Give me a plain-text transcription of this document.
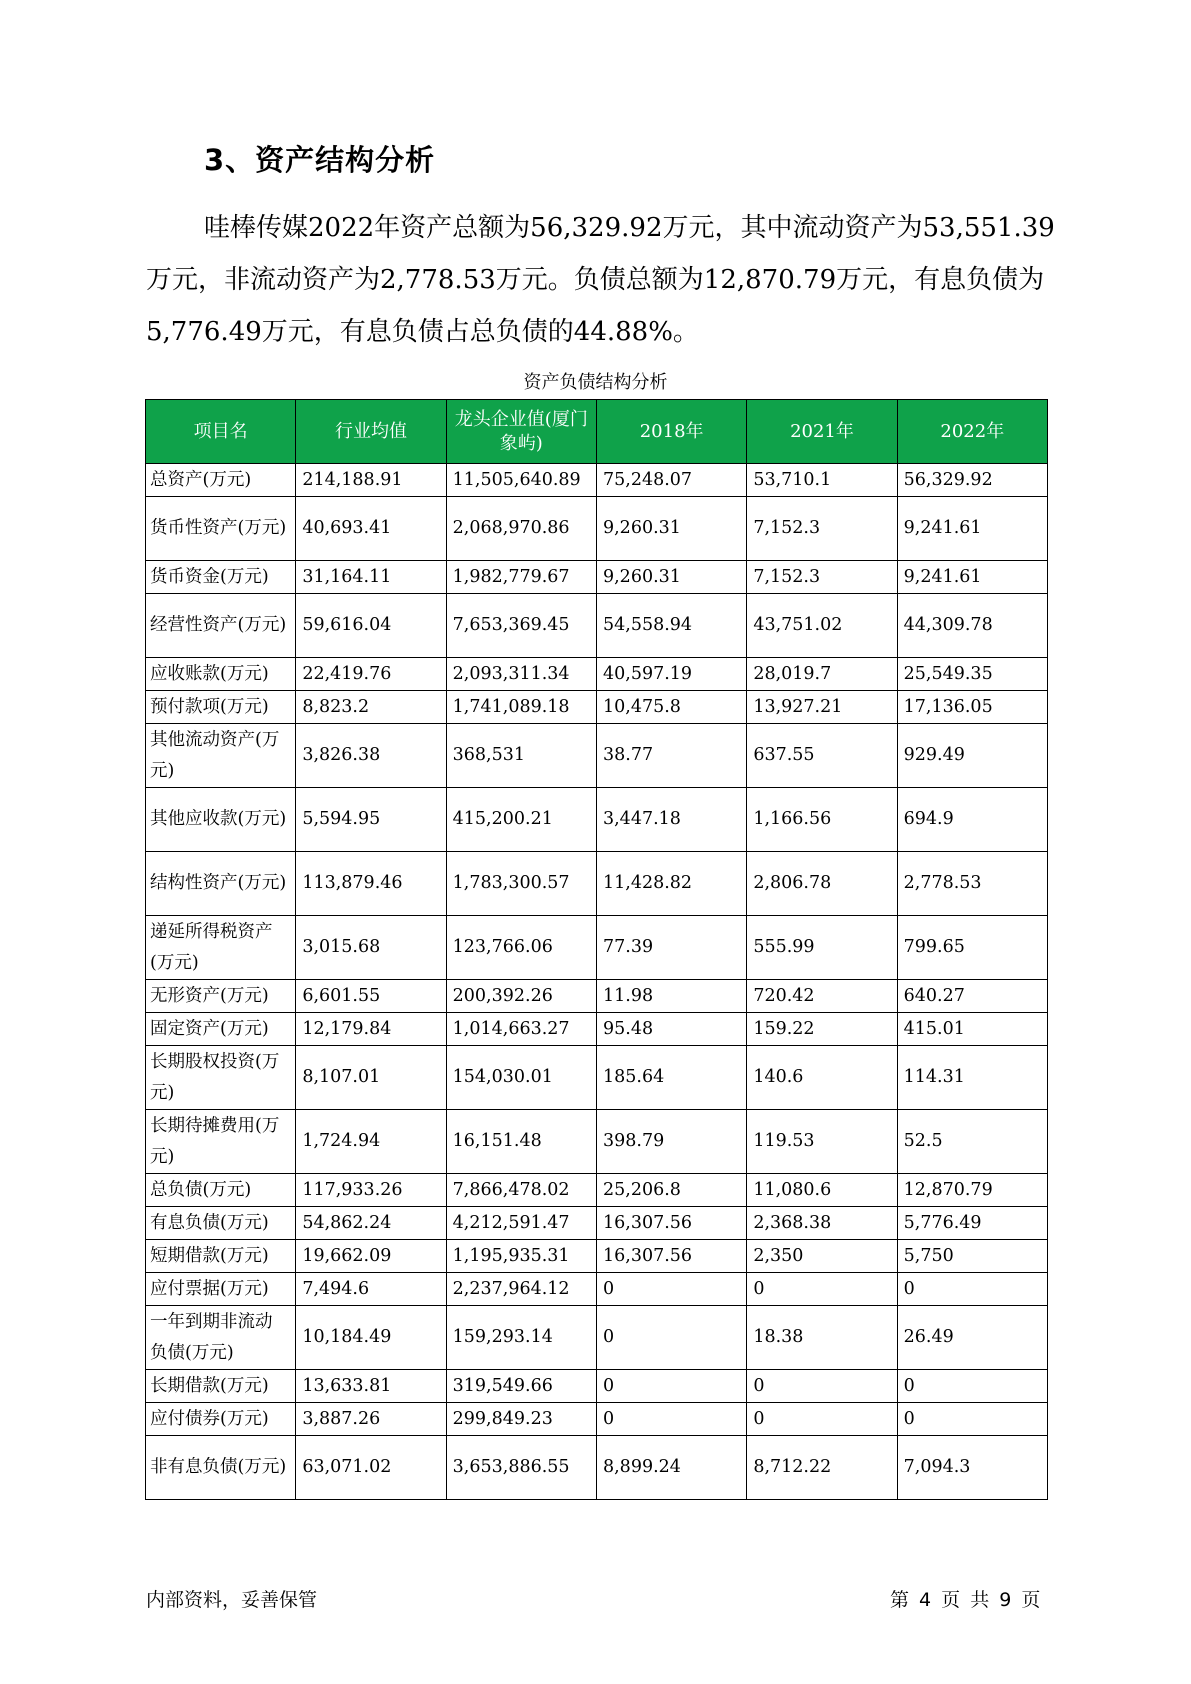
3、资产结构分析

哇棒传媒2022年资产总额为56,329.92万元，其中流动资产为53,551.39万元，非流动资产为2,778.53万元。负债总额为12,870.79万元，有息负债为5,776.49万元，有息负债占总负债的44.88%。

资产负债结构分析
项目名	行业均值	龙头企业值(厦门象屿)	2018年	2021年	2022年
总资产(万元)	214,188.91	11,505,640.89	75,248.07	53,710.1	56,329.92
货币性资产(万元)	40,693.41	2,068,970.86	9,260.31	7,152.3	9,241.61
货币资金(万元)	31,164.11	1,982,779.67	9,260.31	7,152.3	9,241.61
经营性资产(万元)	59,616.04	7,653,369.45	54,558.94	43,751.02	44,309.78
应收账款(万元)	22,419.76	2,093,311.34	40,597.19	28,019.7	25,549.35
预付款项(万元)	8,823.2	1,741,089.18	10,475.8	13,927.21	17,136.05
其他流动资产(万元)	3,826.38	368,531	38.77	637.55	929.49
其他应收款(万元)	5,594.95	415,200.21	3,447.18	1,166.56	694.9
结构性资产(万元)	113,879.46	1,783,300.57	11,428.82	2,806.78	2,778.53
递延所得税资产(万元)	3,015.68	123,766.06	77.39	555.99	799.65
无形资产(万元)	6,601.55	200,392.26	11.98	720.42	640.27
固定资产(万元)	12,179.84	1,014,663.27	95.48	159.22	415.01
长期股权投资(万元)	8,107.01	154,030.01	185.64	140.6	114.31
长期待摊费用(万元)	1,724.94	16,151.48	398.79	119.53	52.5
总负债(万元)	117,933.26	7,866,478.02	25,206.8	11,080.6	12,870.79
有息负债(万元)	54,862.24	4,212,591.47	16,307.56	2,368.38	5,776.49
短期借款(万元)	19,662.09	1,195,935.31	16,307.56	2,350	5,750
应付票据(万元)	7,494.6	2,237,964.12	0	0	0
一年到期非流动负债(万元)	10,184.49	159,293.14	0	18.38	26.49
长期借款(万元)	13,633.81	319,549.66	0	0	0
应付债券(万元)	3,887.26	299,849.23	0	0	0
非有息负债(万元)	63,071.02	3,653,886.55	8,899.24	8,712.22	7,094.3
内部资料，妥善保管	第 4 页 共 9 页
